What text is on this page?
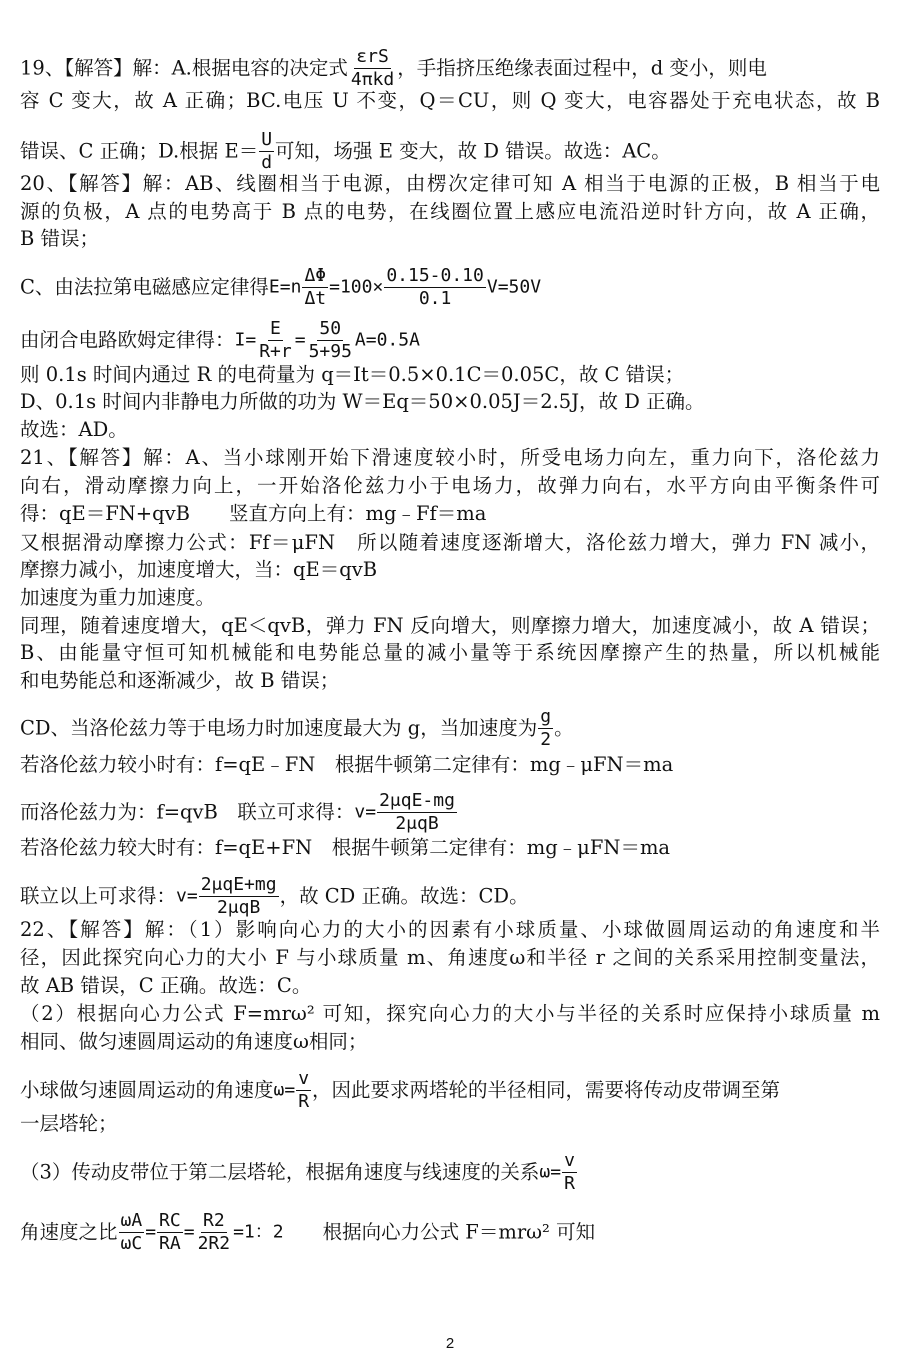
19、【解答】解：A.根据电容的决定式 $\frac{\text{εrS}}{\text{4πkd}}$ ，手指挤压绝缘表面过程中，d 变小，则电
容 C 变大，故 A 正确；BC.电压 U 不变，Q＝CU，则 Q 变大，电容器处于充电状态，故 B
错误、C 正确；D.根据 $E= \frac{U}{d}$ 可知，场强 E 变大，故 D 错误。故选：AC。
20、【解答】解：AB、线圈相当于电源，由楞次定律可知 A 相当于电源的正极，B 相当于电
源的负极，A 点的电势高于 B 点的电势，在线圈位置上感应电流沿逆时针方向，故 A 正确，
B 错误；
C、由法拉第电磁感应定律得$E=n \frac{\Delta\Phi}{\Delta t} =100\times \frac{0.15-0.10}{0.1} V=50V$
由闭合电路欧姆定律得：$I= \frac{E}{R+r} = \frac{50}{5+95} A=0.5A$
则 0.1s 时间内通过 R 的电荷量为 q＝It＝0.5×0.1C＝0.05C，故 C 错误；
D、0.1s 时间内非静电力所做的功为 W＝Eq＝50×0.05J＝2.5J，故 D 正确。
故选：AD。
21、【解答】解：A、当小球刚开始下滑速度较小时，所受电场力向左，重力向下，洛伦兹力
向右，滑动摩擦力向上，一开始洛伦兹力小于电场力，故弹力向右，水平方向由平衡条件可
得：qE＝FN+qvB　　竖直方向上有：mg﹣Ff＝ma
又根据滑动摩擦力公式：Ff＝μFN　所以随着速度逐渐增大，洛伦兹力增大，弹力 FN 减小，
摩擦力减小，加速度增大，当：qE＝qvB
加速度为重力加速度。
同理，随着速度增大，qE＜qvB，弹力 FN 反向增大，则摩擦力增大，加速度减小，故 A 错误；
B、由能量守恒可知机械能和电势能总量的减小量等于系统因摩擦产生的热量，所以机械能
和电势能总和逐渐减少，故 B 错误；
CD、当洛伦兹力等于电场力时加速度最大为 g，当加速度为 $\frac{g}{2}$ 。
若洛伦兹力较小时有：f=qE﹣FN　根据牛顿第二定律有：mg﹣μFN＝ma
而洛伦兹力为：f=qvB　联立可求得：$v= \frac{\text{2μqE-mg}}{\text{2μqB}}$
若洛伦兹力较大时有：f=qE+FN　根据牛顿第二定律有：mg﹣μFN＝ma
联立以上可求得：$v= \frac{\text{2μqE+mg}}{\text{2μqB}}$ ，故 CD 正确。故选：CD。
22、【解答】解：（1）影响向心力的大小的因素有小球质量、小球做圆周运动的角速度和半
径，因此探究向心力的大小 F 与小球质量 m、角速度ω和半径 r 之间的关系采用控制变量法，
故 AB 错误，C 正确。故选：C。
（2）根据向心力公式 F=mrω² 可知，探究向心力的大小与半径的关系时应保持小球质量 m
相同、做匀速圆周运动的角速度ω相同；
小球做匀速圆周运动的角速度$\omega= \frac{v}{R}$ ，因此要求两塔轮的半径相同，需要将传动皮带调至第
一层塔轮；
（3）传动皮带位于第二层塔轮，根据角速度与线速度的关系$\omega= \frac{v}{R}$
角速度之比 $\frac{\omega A}{\omega C} = \frac{RC}{RA} = \frac{R2}{2R2} =1$：2　　根据向心力公式 F＝mrω² 可知
2
